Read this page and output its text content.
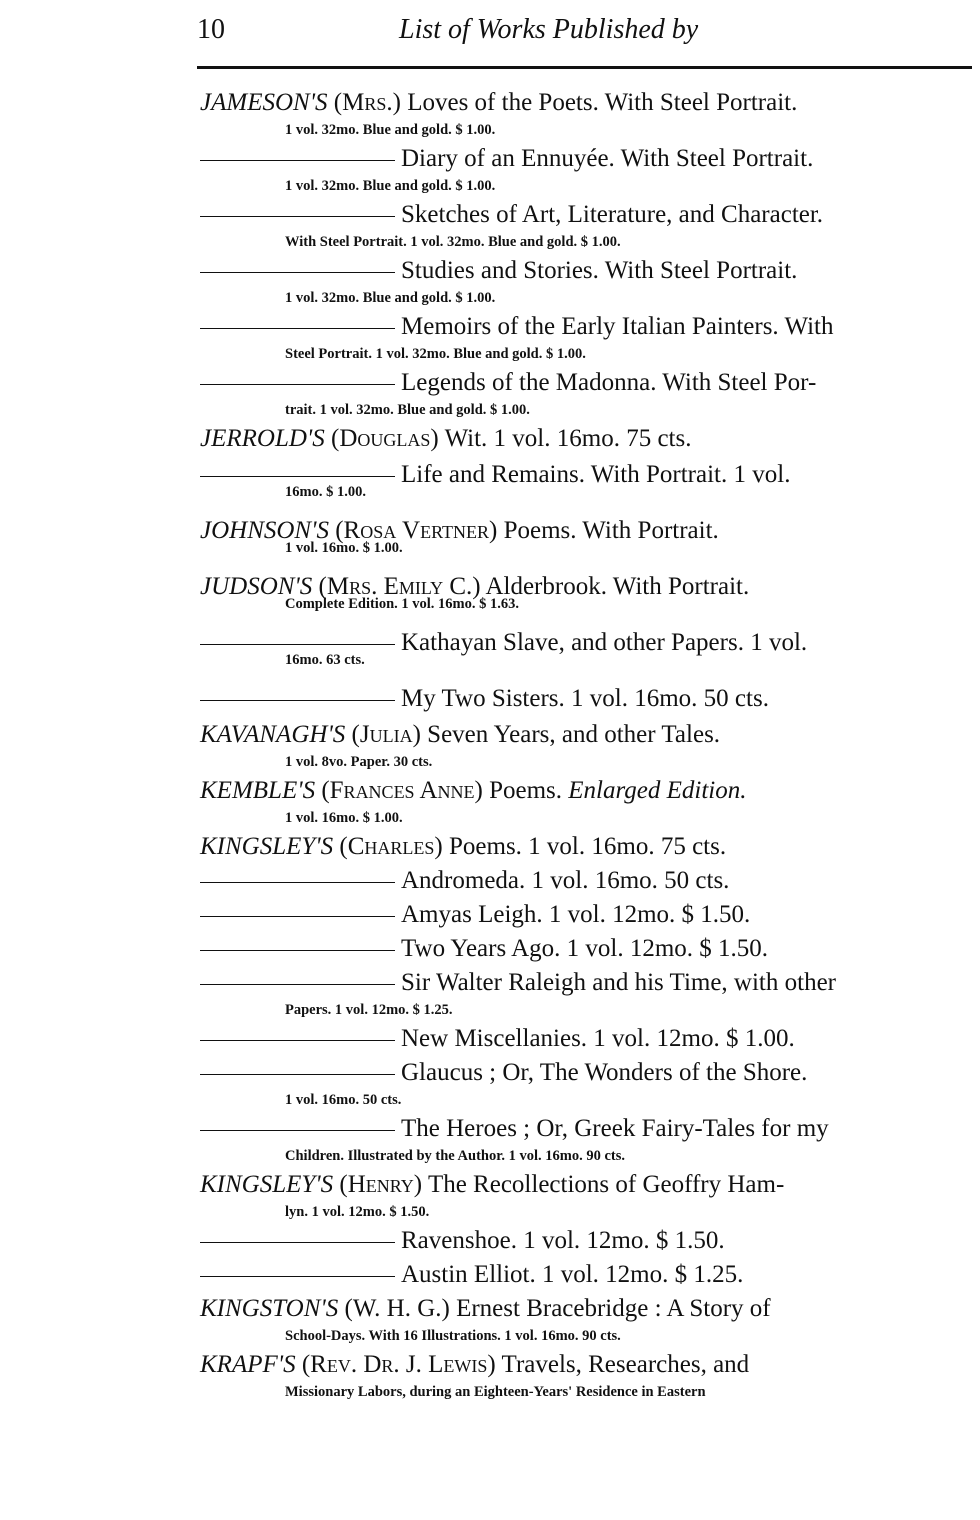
10	List of Works Published by
JAMESON'S (Mrs.) Loves of the Poets. With Steel Portrait.
1 vol. 32mo. Blue and gold. $ 1.00.
Diary of an Ennuyée. With Steel Portrait.
1 vol. 32mo. Blue and gold. $ 1.00.
Sketches of Art, Literature, and Character.
With Steel Portrait. 1 vol. 32mo. Blue and gold. $ 1.00.
Studies and Stories. With Steel Portrait.
1 vol. 32mo. Blue and gold. $ 1.00.
Memoirs of the Early Italian Painters. With
Steel Portrait. 1 vol. 32mo. Blue and gold. $ 1.00.
Legends of the Madonna. With Steel Por-
trait. 1 vol. 32mo. Blue and gold. $ 1.00.
JERROLD'S (Douglas) Wit. 1 vol. 16mo. 75 cts.
Life and Remains. With Portrait. 1 vol.
16mo. $ 1.00.
JOHNSON'S (Rosa Vertner) Poems. With Portrait.
1 vol. 16mo. $ 1.00.
JUDSON'S (Mrs. Emily C.) Alderbrook. With Portrait.
Complete Edition. 1 vol. 16mo. $ 1.63.
Kathayan Slave, and other Papers. 1 vol.
16mo. 63 cts.
My Two Sisters. 1 vol. 16mo. 50 cts.
KAVANAGH'S (Julia) Seven Years, and other Tales.
1 vol. 8vo. Paper. 30 cts.
KEMBLE'S (Frances Anne) Poems. Enlarged Edition.
1 vol. 16mo. $ 1.00.
KINGSLEY'S (Charles) Poems. 1 vol. 16mo. 75 cts.
Andromeda. 1 vol. 16mo. 50 cts.
Amyas Leigh. 1 vol. 12mo. $ 1.50.
Two Years Ago. 1 vol. 12mo. $ 1.50.
Sir Walter Raleigh and his Time, with other
Papers. 1 vol. 12mo. $ 1.25.
New Miscellanies. 1 vol. 12mo. $ 1.00.
Glaucus ; Or, The Wonders of the Shore.
1 vol. 16mo. 50 cts.
The Heroes ; Or, Greek Fairy-Tales for my
Children. Illustrated by the Author. 1 vol. 16mo. 90 cts.
KINGSLEY'S (Henry) The Recollections of Geoffry Ham-
lyn. 1 vol. 12mo. $ 1.50.
Ravenshoe. 1 vol. 12mo. $ 1.50.
Austin Elliot. 1 vol. 12mo. $ 1.25.
KINGSTON'S (W. H. G.) Ernest Bracebridge : A Story of
School-Days. With 16 Illustrations. 1 vol. 16mo. 90 cts.
KRAPF'S (Rev. Dr. J. Lewis) Travels, Researches, and
Missionary Labors, during an Eighteen-Years' Residence in Eastern
